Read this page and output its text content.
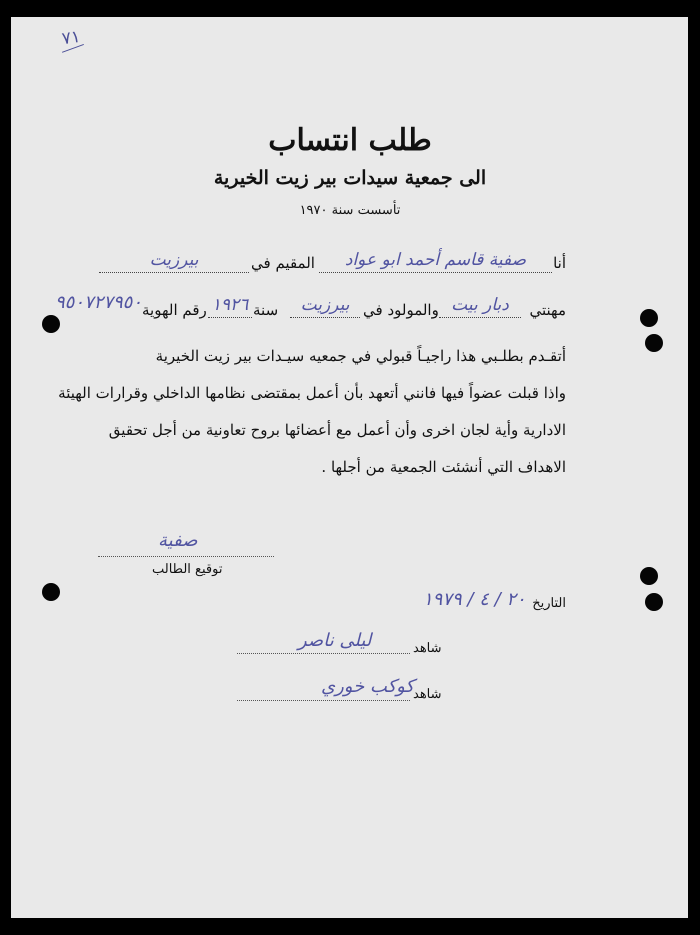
٧١
طلب انتساب
الى جمعية سيدات بير زيت الخيرية
تأسست سنة ١٩٧٠
أنا
صفية قاسم أحمد ابو عواد
المقيم في
بيرزيت
مهنتي
دبار بيت
والمولود في
بيرزيت
سنة
١٩٢٦
رقم الهوية
٩٥٠٧٢٧٩٥٠
أتقـدم بطلـبي هذا راجيـاً قبولي في جمعيه سيـدات بير زيت الخيرية
واذا قبلت عضواً فيها فانني أتعهد بأن أعمل بمقتضى نظامها الداخلي وقرارات الهيئة
الادارية وأية لجان اخرى وأن أعمل مع أعضائها بروح تعاونية من أجل تحقيق
الاهداف التي أنشئت الجمعية من أجلها .
صفية
توقيع الطالب
التاريخ
٢٠ / ٤ / ١٩٧٩
شاهد
ليلى ناصر
شاهد
كوكب خوري
